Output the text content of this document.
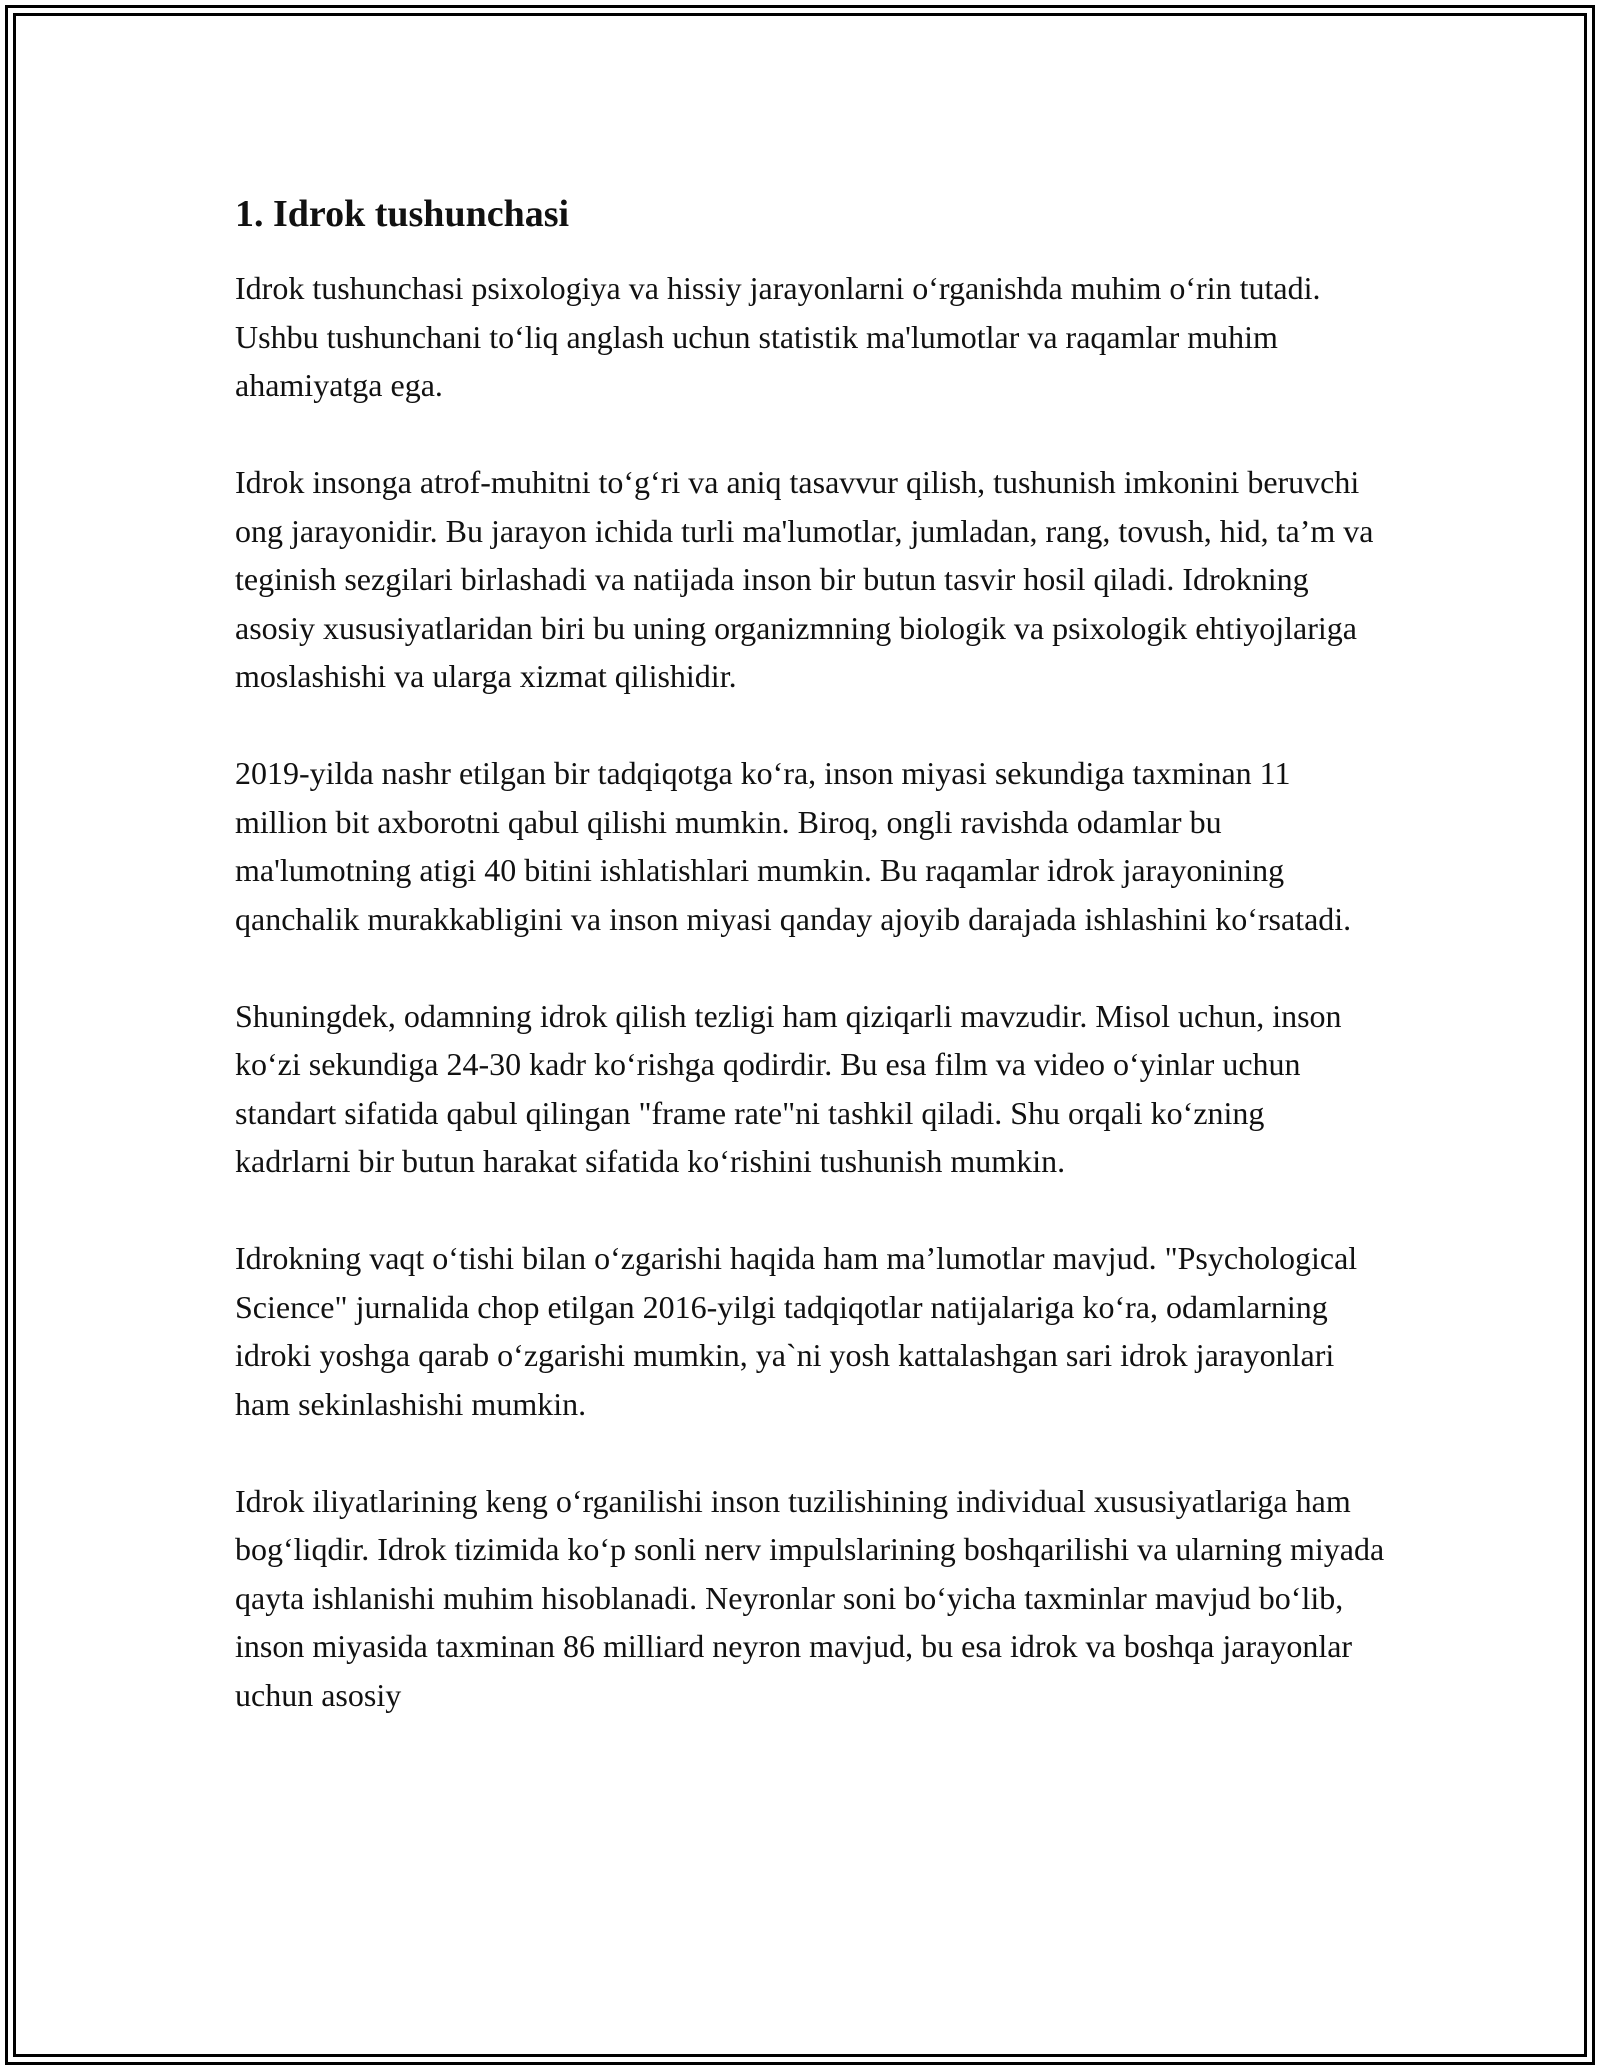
1. Idrok tushunchasi

Idrok tushunchasi psixologiya va hissiy jarayonlarni oʻrganishda muhim oʻrin tutadi. Ushbu tushunchani toʻliq anglash uchun statistik ma'lumotlar va raqamlar muhim ahamiyatga ega.

Idrok insonga atrof-muhitni toʻgʻri va aniq tasavvur qilish, tushunish imkonini beruvchi ong jarayonidir. Bu jarayon ichida turli ma'lumotlar, jumladan, rang, tovush, hid, ta’m va teginish sezgilari birlashadi va natijada inson bir butun tasvir hosil qiladi. Idrokning asosiy xususiyatlaridan biri bu uning organizmning biologik va psixologik ehtiyojlariga moslashishi va ularga xizmat qilishidir.

2019-yilda nashr etilgan bir tadqiqotga koʻra, inson miyasi sekundiga taxminan 11 million bit axborotni qabul qilishi mumkin. Biroq, ongli ravishda odamlar bu ma'lumotning atigi 40 bitini ishlatishlari mumkin. Bu raqamlar idrok jarayonining qanchalik murakkabligini va inson miyasi qanday ajoyib darajada ishlashini koʻrsatadi.

Shuningdek, odamning idrok qilish tezligi ham qiziqarli mavzudir. Misol uchun, inson koʻzi sekundiga 24-30 kadr koʻrishga qodirdir. Bu esa film va video oʻyinlar uchun standart sifatida qabul qilingan "frame rate"ni tashkil qiladi. Shu orqali koʻzning kadrlarni bir butun harakat sifatida koʻrishini tushunish mumkin.

Idrokning vaqt oʻtishi bilan oʻzgarishi haqida ham ma’lumotlar mavjud. "Psychological Science" jurnalida chop etilgan 2016-yilgi tadqiqotlar natijalariga koʻra, odamlarning idroki yoshga qarab oʻzgarishi mumkin, ya`ni yosh kattalashgan sari idrok jarayonlari ham sekinlashishi mumkin.

Idrok iliyatlarining keng oʻrganilishi inson tuzilishining individual xususiyatlariga ham bogʻliqdir. Idrok tizimida koʻp sonli nerv impulslarining boshqarilishi va ularning miyada qayta ishlanishi muhim hisoblanadi. Neyronlar soni boʻyicha taxminlar mavjud boʻlib, inson miyasida taxminan 86 milliard neyron mavjud, bu esa idrok va boshqa jarayonlar uchun asosiy
